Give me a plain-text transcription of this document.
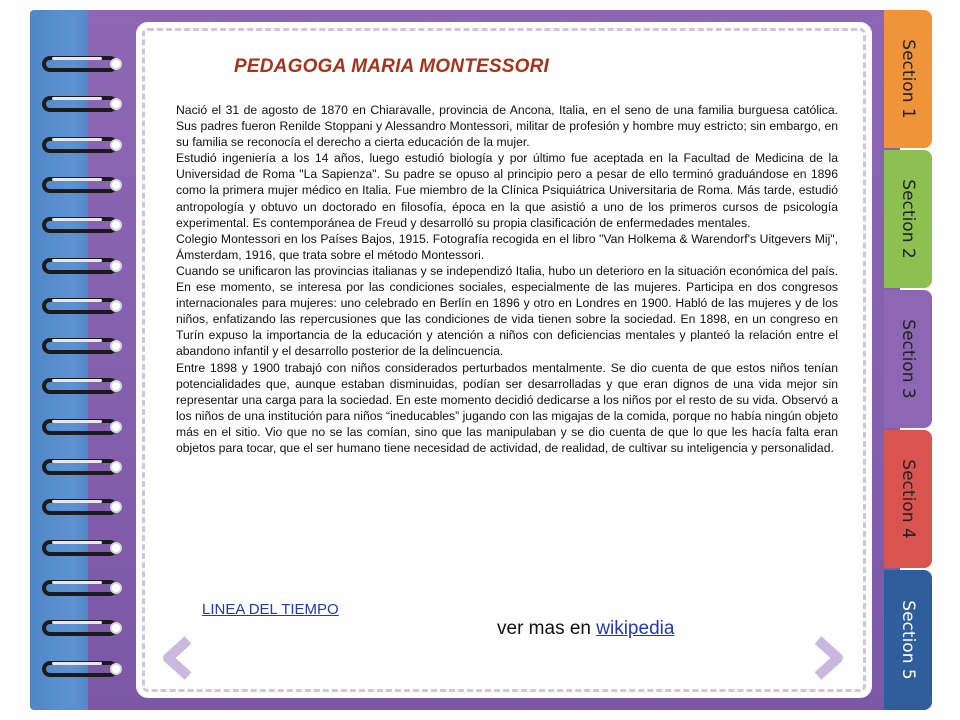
Section 1
Section 2
Section 3
Section 4
Section 5
PEDAGOGA MARIA MONTESSORI

Nació el 31 de agosto de 1870 en Chiaravalle, provincia de Ancona, Italia, en el seno de una familia burguesa católica. Sus padres fueron Renilde Stoppani y Alessandro Montessori, militar de profesión y hombre muy estricto; sin embargo, en su familia se reconocía el derecho a cierta educación de la mujer.

Estudió ingeniería a los 14 años, luego estudió biología y por último fue aceptada en la Facultad de Medicina de la Universidad de Roma "La Sapienza". Su padre se opuso al principio pero a pesar de ello terminó graduándose en 1896 como la primera mujer médico en Italia. Fue miembro de la Clínica Psiquiátrica Universitaria de Roma. Más tarde, estudió antropología y obtuvo un doctorado en filosofía, época en la que asistió a uno de los primeros cursos de psicología experimental. Es contemporánea de Freud y desarrolló su propia clasificación de enfermedades mentales.

Colegio Montessori en los Países Bajos, 1915. Fotografía recogida en el libro "Van Holkema & Warendorf's Uitgevers Mij", Ámsterdam, 1916, que trata sobre el método Montessori.

Cuando se unificaron las provincias italianas y se independizó Italia, hubo un deterioro en la situación económica del país. En ese momento, se interesa por las condiciones sociales, especialmente de las mujeres. Participa en dos congresos internacionales para mujeres: uno celebrado en Berlín en 1896 y otro en Londres en 1900. Habló de las mujeres y de los niños, enfatizando las repercusiones que las condiciones de vida tienen sobre la sociedad. En 1898, en un congreso en Turín expuso la importancia de la educación y atención a niños con deficiencias mentales y planteó la relación entre el abandono infantil y el desarrollo posterior de la delincuencia.

Entre 1898 y 1900 trabajó con niños considerados perturbados mentalmente. Se dio cuenta de que estos niños tenían potencialidades que, aunque estaban disminuidas, podían ser desarrolladas y que eran dignos de una vida mejor sin representar una carga para la sociedad. En este momento decidió dedicarse a los niños por el resto de su vida. Observó a los niños de una institución para niños “ineducables” jugando con las migajas de la comida, porque no había ningún objeto más en el sitio. Vio que no se las comían, sino que las manipulaban y se dio cuenta de que lo que les hacía falta eran objetos para tocar, que el ser humano tiene necesidad de actividad, de realidad, de cultivar su inteligencia y personalidad.

LINEA DEL TIEMPO
ver mas en wikipedia
